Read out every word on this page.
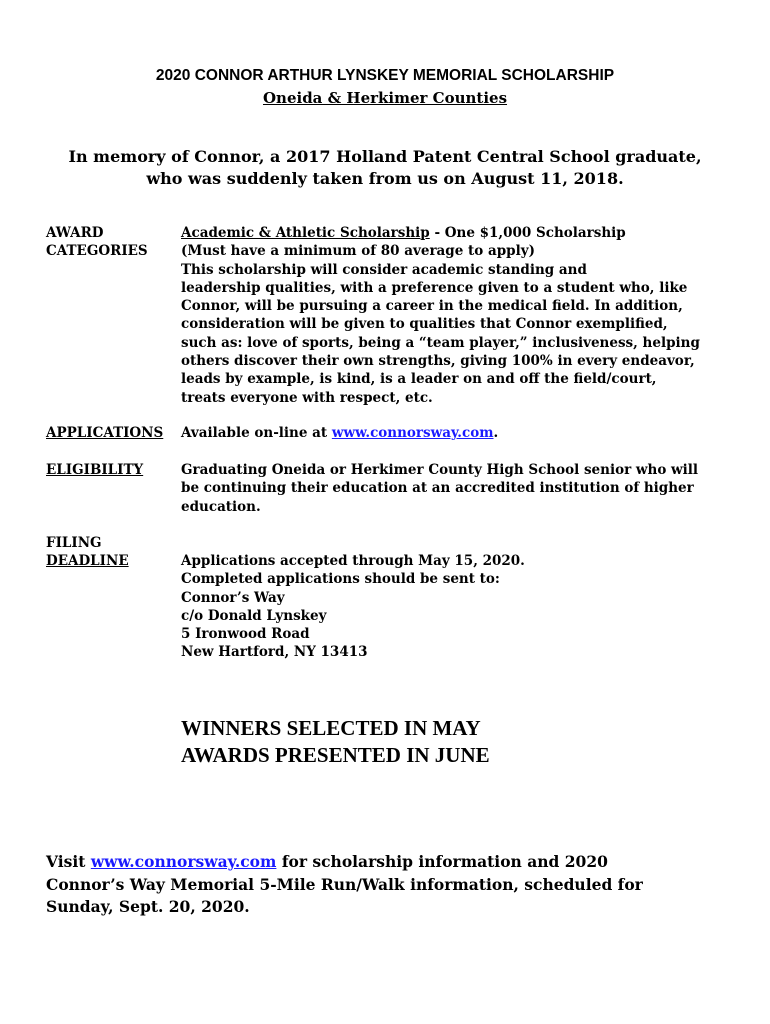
2020 CONNOR ARTHUR LYNSKEY MEMORIAL SCHOLARSHIP
Oneida & Herkimer Counties
In memory of Connor, a 2017 Holland Patent Central School graduate,
who was suddenly taken from us on August 11, 2018.
AWARD
CATEGORIES
Academic & Athletic Scholarship - One $1,000 Scholarship
(Must have a minimum of 80 average to apply)
This scholarship will consider academic standing and
leadership qualities, with a preference given to a student who, like
Connor, will be pursuing a career in the medical field. In addition,
consideration will be given to qualities that Connor exemplified,
such as: love of sports, being a “team player,” inclusiveness, helping
others discover their own strengths, giving 100% in every endeavor,
leads by example, is kind, is a leader on and off the field/court,
treats everyone with respect, etc.
APPLICATIONS Available on-line at www.connorsway.com.
ELIGIBILITY	Graduating Oneida or Herkimer County High School senior who will
be continuing their education at an accredited institution of higher
education.
FILING
DEADLINE	Applications accepted through May 15, 2020.
Completed applications should be sent to:
Connor’s Way
c/o Donald Lynskey
5 Ironwood Road
New Hartford, NY 13413
WINNERS SELECTED IN MAY
AWARDS PRESENTED IN JUNE
Visit www.connorsway.com for scholarship information and 2020
Connor’s Way Memorial 5-Mile Run/Walk information, scheduled for
Sunday, Sept. 20, 2020.
